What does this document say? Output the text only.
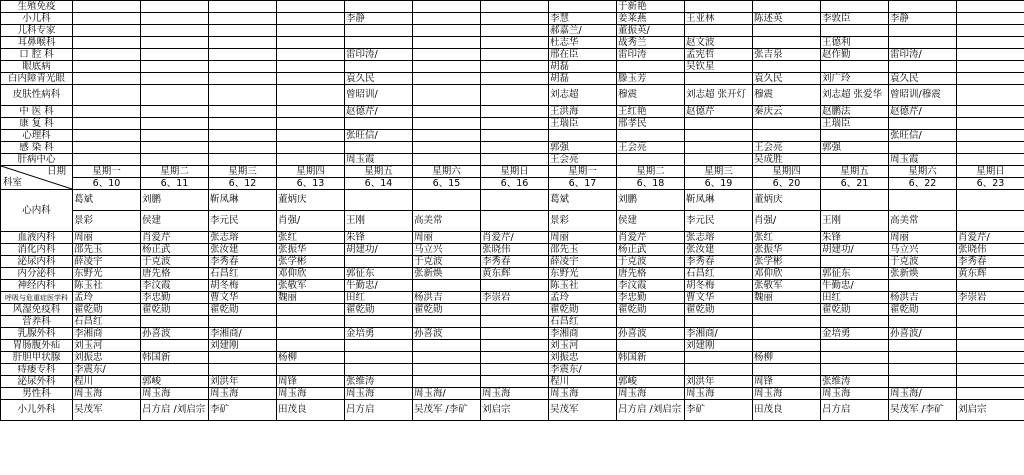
生殖免疫									于新艳					
小儿科					李静			李慧	姜莱燕	王亚林	陈述英	李敦臣	李静	
儿科专家								郝嘉兰/	董振英/					
耳鼻喉科								杜志华	战秀兰	赵文波		王德利		
口 腔 科					雷印涛/			邢在臣	雷印涛	孟宪哲	张吉泉	赵作勤	雷印涛/	
眼底病								胡磊		吴钦星				
白内障青光眼					袁久民			胡磊	滕玉芳		袁久民	刘广玲	袁久民	
皮肤性病科					曾昭训/			刘志超	穆震	刘志超 张开灯	穆震	刘志超 张爱华	曾昭训/穆震	
中 医 科					赵德芹/			王洪海	王红艳	赵德芹	秦庆云	赵鹏法	赵德芹/	
康 复 科								王瑞臣	邢孝民			王瑞臣		
心理科					张旺信/								张旺信/	
感 染 科								郭强	王会亮		王会亮	郭强		
肝病中心					周玉霞			王会亮			吴成胜		周玉霞	

科室
日期	星期一	星期二	星期三	星期四	星期五	星期六	星期日	星期一	星期二	星期三	星期四	星期五	星期六	星期日
	6、10	6、11	6、12	6、13	6、14	6、15	6、16	6、17	6、18	6、19	6、20	6、21	6、22	6、23
心内科	葛斌	刘鹏	靳凤琳	董炳庆				葛斌	刘鹏	靳凤琳	董炳庆			
	景彩	侯建	李元民	肖强/	王刚	高美常		景彩	侯建	李元民	肖强/	王刚	高美常	
血液内科	周丽	肖爱芹	张志瑢	张红	朱锋	周丽	肖爱芹/	周丽	肖爱芹	张志瑢	张红	朱锋	周丽	肖爱芹/
消化内科	邵先玉	杨正武	张汝建	张振华	胡建功/	马立兴	张晓伟	邵先玉	杨正武	张汝建	张振华	胡建功/	马立兴	张晓伟
泌尿内科	薛凌宇	于克波	李秀春	张学彬		于克波	李秀春	薛凌宇	于克波	李秀春	张学彬		于克波	李秀春
内分泌科	东野光	唐先格	石昌红	邓仰欣	郭征东	张新焕	黄东辉	东野光	唐先格	石昌红	邓仰欣	郭征东	张新焕	黄东辉
神经内科	陈玉社	李汶霞	胡冬梅	张敬军	牛勤忠/			陈玉社	李汶霞	胡冬梅	张敬军	牛勤忠/		
呼吸与危重症医学科	孟玲	李忠勤	曹文华	魏丽	田红	杨洪吉	李崇岩	孟玲	李忠勤	曹文华	魏丽	田红	杨洪吉	李崇岩
风湿免疫科	翟乾勋	翟乾勋	翟乾勋		翟乾勋	翟乾勋		翟乾勋	翟乾勋	翟乾勋		翟乾勋	翟乾勋	
营养科	石昌红							石昌红						
乳腺外科	李湘商	孙喜波	李湘商/		金培勇	孙喜波		李湘商	孙喜波	李湘商/		金培勇	孙喜波/	
胃肠腹外疝	刘玉河		刘建刚					刘玉河		刘建刚				
肝胆甲状腺	刘振忠	韩国新		杨柳				刘振忠	韩国新		杨柳			
痔瘘专科	李震东/							李震东/						
泌尿外科	程川	郭峻	刘洪年	周锋	张维涛			程川	郭峻	刘洪年	周锋	张维涛		
男性科	周玉海	周玉海	周玉海	周玉海	周玉海	周玉海/	周玉海	周玉海	周玉海	周玉海	周玉海	周玉海	周玉海/	
小儿外科	吴茂军	吕方启 /刘启宗	李矿	田茂良	吕方启	吴茂军 /李矿	刘启宗	吴茂军	吕方启 /刘启宗	李矿	田茂良	吕方启	吴茂军 /李矿	刘启宗
